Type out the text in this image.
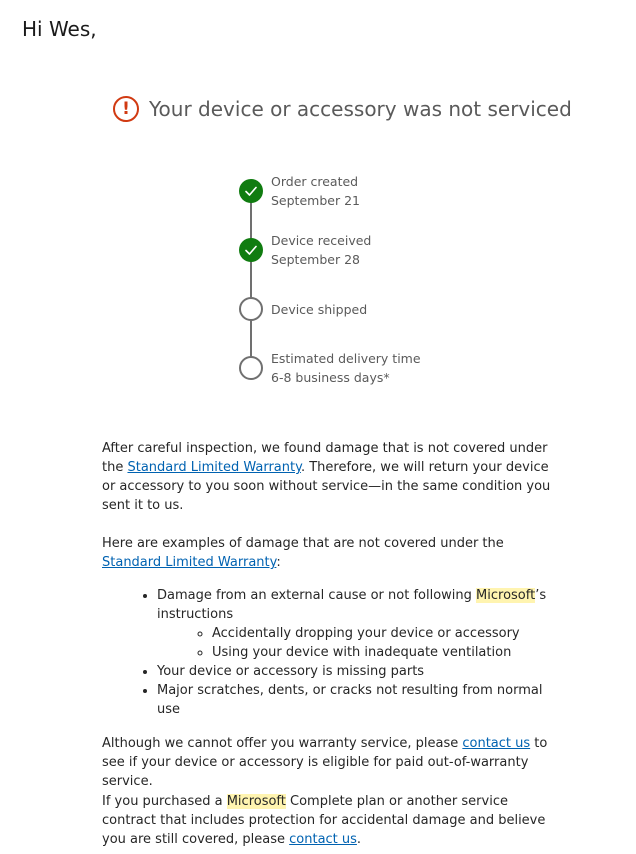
Hi Wes,
! Your device or accessory was not serviced
Order created
September 21
Device received
September 28
Device shipped
Estimated delivery time
6-8 business days*

After careful inspection, we found damage that is not covered under the Standard Limited Warranty. Therefore, we will return your device or accessory to you soon without service—in the same condition you sent it to us.

Here are examples of damage that are not covered under the Standard Limited Warranty:

• Damage from an external cause or not following Microsoft’s instructions
◦ Accidentally dropping your device or accessory
◦ Using your device with inadequate ventilation
• Your device or accessory is missing parts
• Major scratches, dents, or cracks not resulting from normal use

Although we cannot offer you warranty service, please contact us to see if your device or accessory is eligible for paid out-of-warranty service.

If you purchased a Microsoft Complete plan or another service contract that includes protection for accidental damage and believe you are still covered, please contact us.
